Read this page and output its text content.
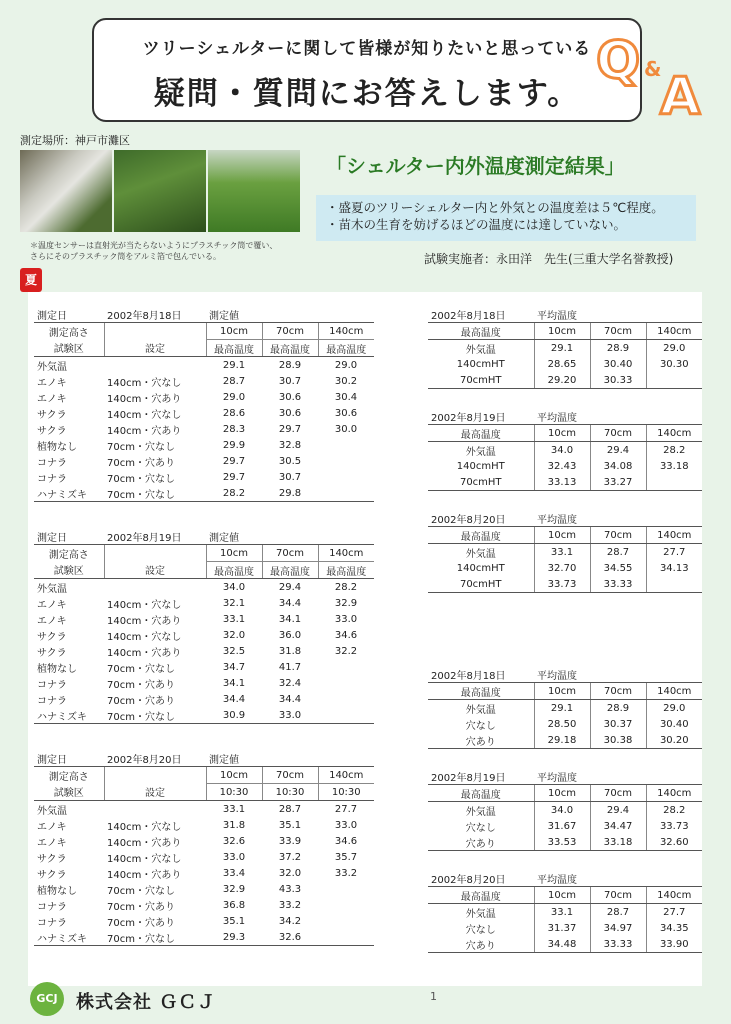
ツリーシェルターに関して皆様が知りたいと思っている
疑問・質問にお答えします。
Q &
A
測定場所：神戸市灘区
＊温度センサーは直射光が当たらないようにプラスチック筒で覆い、
さらにそのプラスチック筒をアルミ箔で包んでいる。
「シェルター内外温度測定結果」
・盛夏のツリーシェルター内と外気との温度差は５℃程度。
・苗木の生育を妨げるほどの温度には達していない。
試験実施者：永田洋　先生(三重大学名誉教授)
夏
測定日	2002年8月18日	測定値		
測定高さ		10cm	70cm	140cm
試験区	設定	最高温度	最高温度	最高温度
外気温		29.1	28.9	29.0
エノキ	140cm・穴なし	28.7	30.7	30.2
エノキ	140cm・穴あり	29.0	30.6	30.4
サクラ	140cm・穴なし	28.6	30.6	30.6
サクラ	140cm・穴あり	28.3	29.7	30.0
植物なし	70cm・穴なし	29.9	32.8	
コナラ	70cm・穴あり	29.7	30.5	
コナラ	70cm・穴なし	29.7	30.7	
ハナミズキ	70cm・穴なし	28.2	29.8	
測定日	2002年8月19日	測定値		
測定高さ		10cm	70cm	140cm
試験区	設定	最高温度	最高温度	最高温度
外気温		34.0	29.4	28.2
エノキ	140cm・穴なし	32.1	34.4	32.9
エノキ	140cm・穴あり	33.1	34.1	33.0
サクラ	140cm・穴なし	32.0	36.0	34.6
サクラ	140cm・穴あり	32.5	31.8	32.2
植物なし	70cm・穴なし	34.7	41.7	
コナラ	70cm・穴あり	34.1	32.4	
コナラ	70cm・穴あり	34.4	34.4	
ハナミズキ	70cm・穴なし	30.9	33.0	
測定日	2002年8月20日	測定値		
測定高さ		10cm	70cm	140cm
試験区	設定	10:30	10:30	10:30
外気温		33.1	28.7	27.7
エノキ	140cm・穴なし	31.8	35.1	33.0
エノキ	140cm・穴あり	32.6	33.9	34.6
サクラ	140cm・穴なし	33.0	37.2	35.7
サクラ	140cm・穴あり	33.4	32.0	33.2
植物なし	70cm・穴なし	32.9	43.3	
コナラ	70cm・穴あり	36.8	33.2	
コナラ	70cm・穴あり	35.1	34.2	
ハナミズキ	70cm・穴なし	29.3	32.6	
2002年8月18日	平均温度		
最高温度	10cm	70cm	140cm
外気温	29.1	28.9	29.0
140cmHT	28.65	30.40	30.30
70cmHT	29.20	30.33	
2002年8月19日	平均温度		
最高温度	10cm	70cm	140cm
外気温	34.0	29.4	28.2
140cmHT	32.43	34.08	33.18
70cmHT	33.13	33.27	
2002年8月20日	平均温度		
最高温度	10cm	70cm	140cm
外気温	33.1	28.7	27.7
140cmHT	32.70	34.55	34.13
70cmHT	33.73	33.33	
2002年8月18日	平均温度		
最高温度	10cm	70cm	140cm
外気温	29.1	28.9	29.0
穴なし	28.50	30.37	30.40
穴あり	29.18	30.38	30.20
2002年8月19日	平均温度		
最高温度	10cm	70cm	140cm
外気温	34.0	29.4	28.2
穴なし	31.67	34.47	33.73
穴あり	33.53	33.18	32.60
2002年8月20日	平均温度		
最高温度	10cm	70cm	140cm
外気温	33.1	28.7	27.7
穴なし	31.37	34.97	34.35
穴あり	34.48	33.33	33.90
GCJ	株式会社 ＧＣＪ	1
